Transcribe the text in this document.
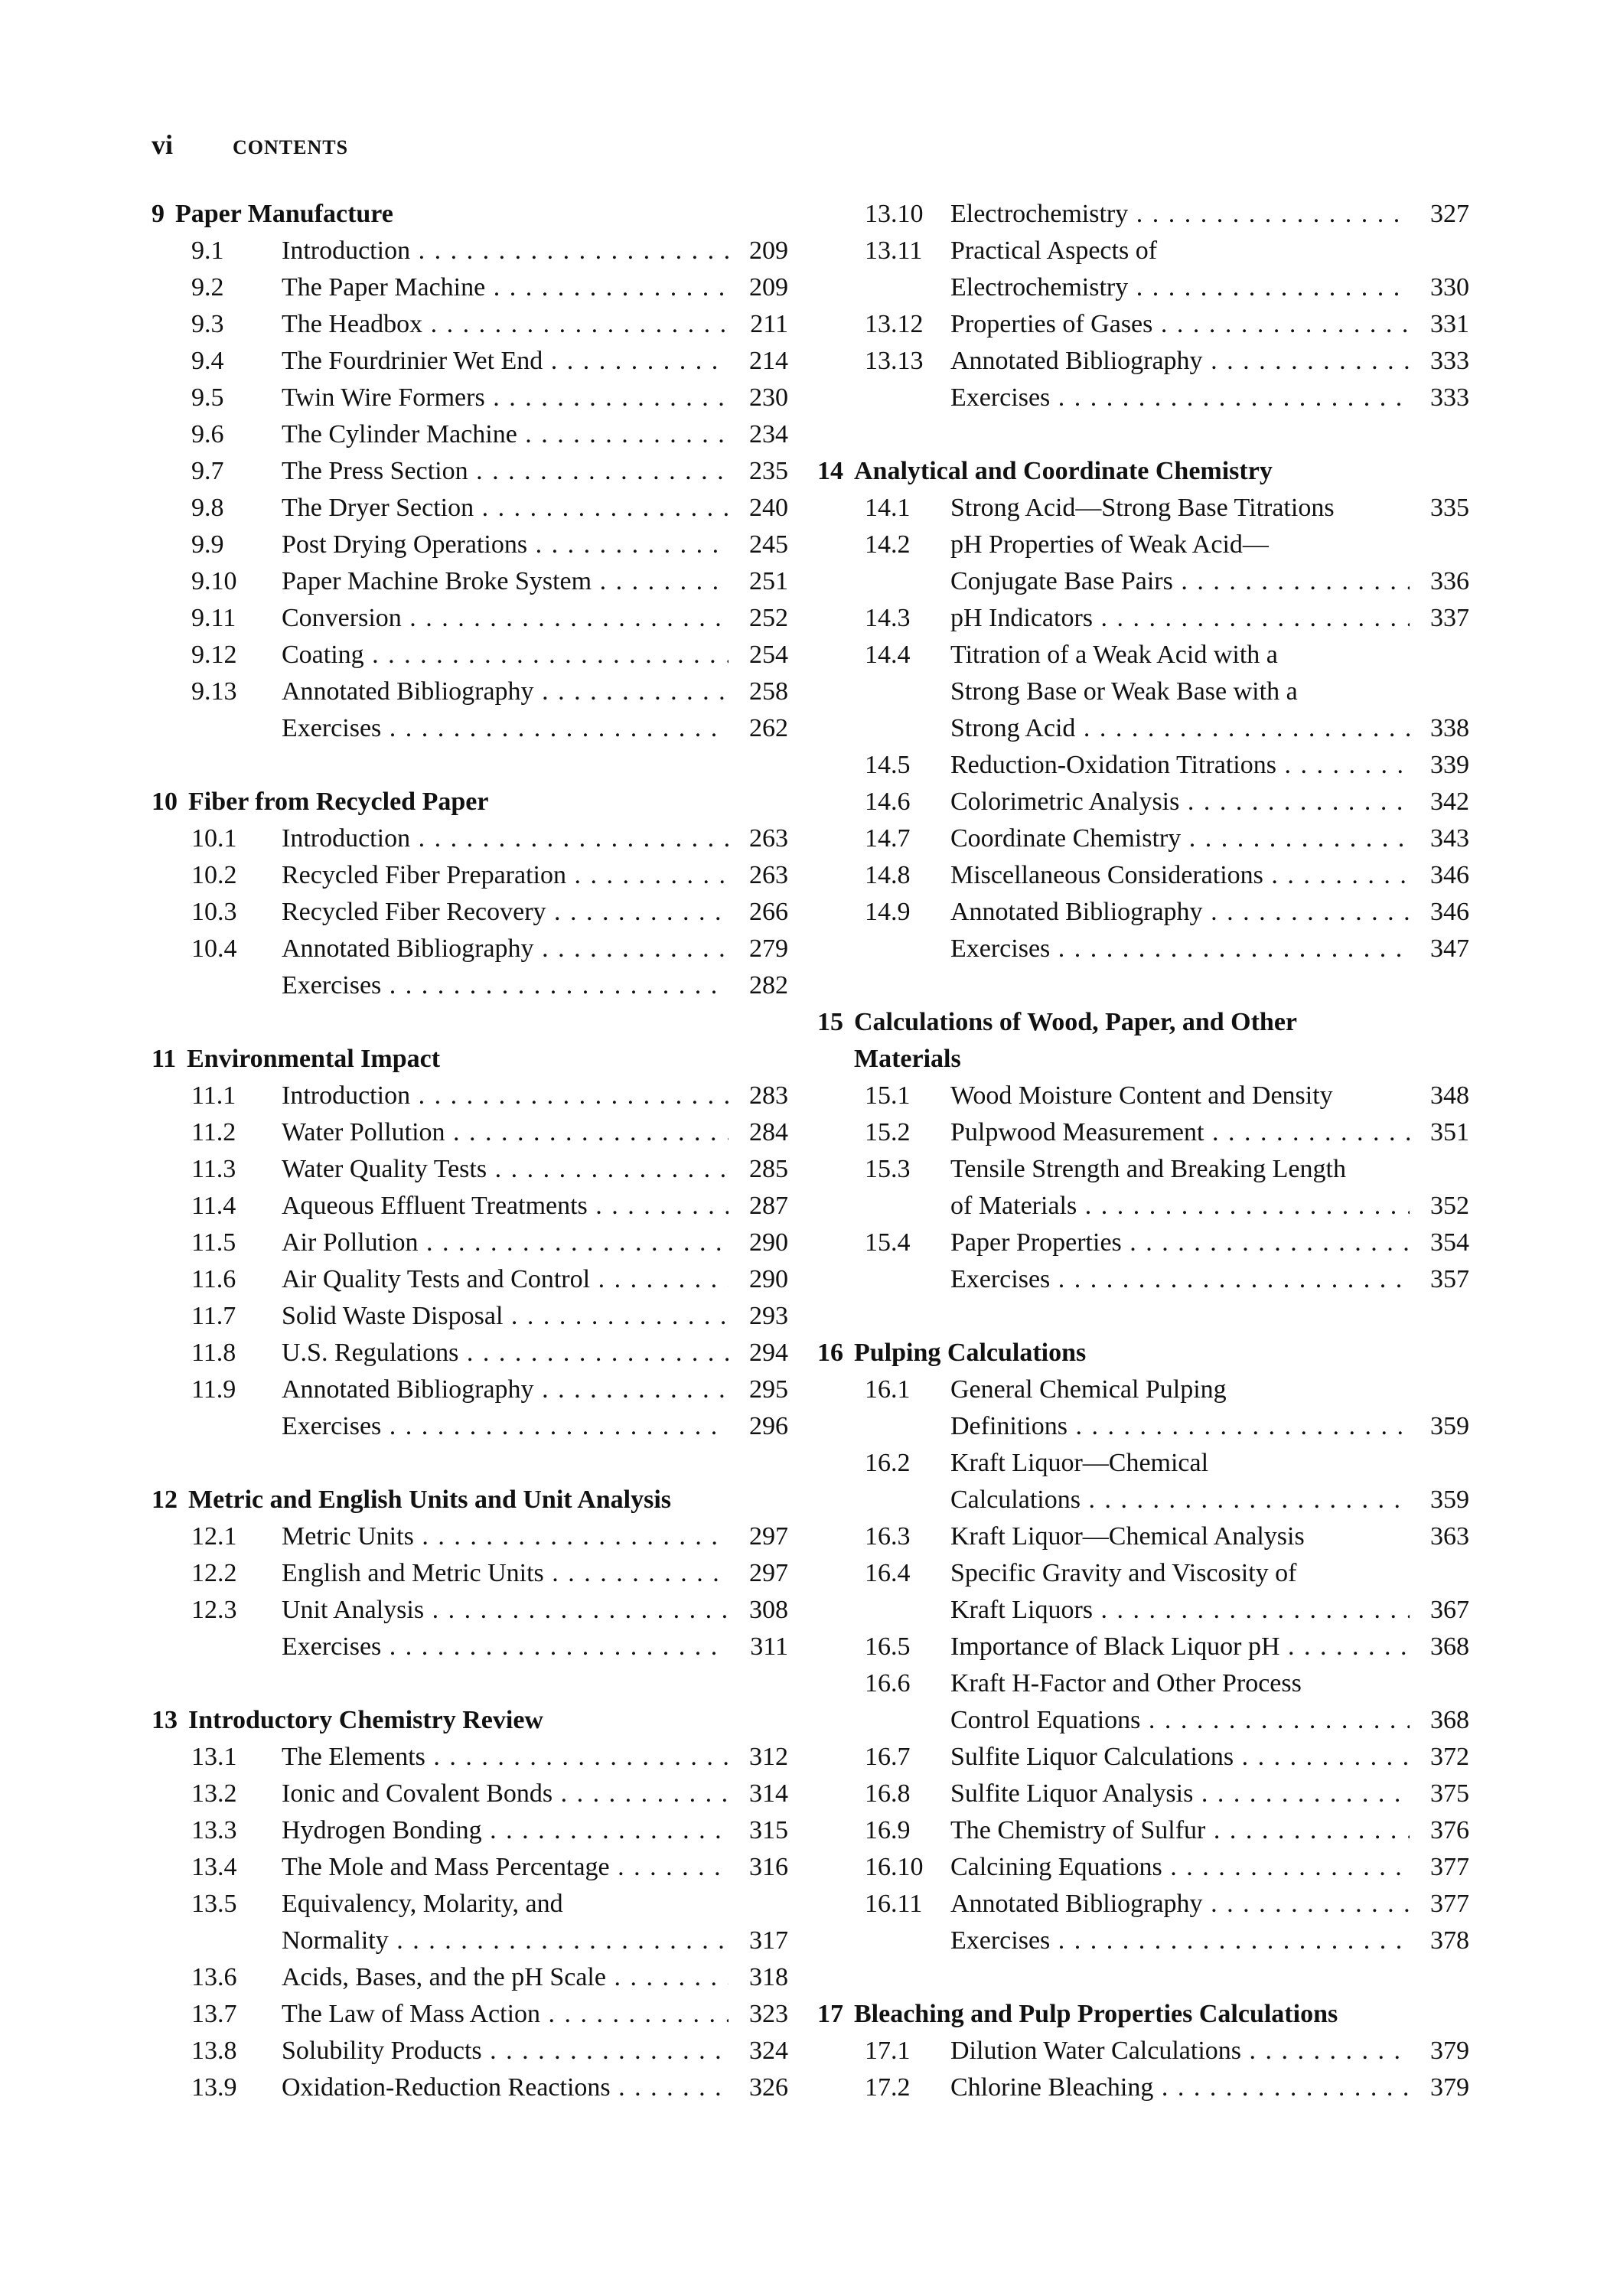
vi	CONTENTS
9 Paper Manufacture
9.1	Introduction . . .	209
9.2	The Paper Machine . . .	209
9.3	The Headbox . . .	211
9.4	The Fourdrinier Wet End . . .	214
9.5	Twin Wire Formers . . .	230
9.6	The Cylinder Machine . . .	234
9.7	The Press Section . . .	235
9.8	The Dryer Section . . .	240
9.9	Post Drying Operations . . .	245
9.10	Paper Machine Broke System . . .	251
9.11	Conversion . . .	252
9.12	Coating . . .	254
9.13	Annotated Bibliography . . .	258
Exercises . . .	262
10 Fiber from Recycled Paper
10.1	Introduction . . .	263
10.2	Recycled Fiber Preparation . . .	263
10.3	Recycled Fiber Recovery . . .	266
10.4	Annotated Bibliography . . .	279
Exercises . . .	282
11 Environmental Impact
11.1	Introduction . . .	283
11.2	Water Pollution . . .	284
11.3	Water Quality Tests . . .	285
11.4	Aqueous Effluent Treatments . . .	287
11.5	Air Pollution . . .	290
11.6	Air Quality Tests and Control . . .	290
11.7	Solid Waste Disposal . . .	293
11.8	U.S. Regulations . . .	294
11.9	Annotated Bibliography . . .	295
Exercises . . .	296
12 Metric and English Units and Unit Analysis
12.1	Metric Units . . .	297
12.2	English and Metric Units . . .	297
12.3	Unit Analysis . . .	308
Exercises . . .	311
13 Introductory Chemistry Review
13.1	The Elements . . .	312
13.2	Ionic and Covalent Bonds . . .	314
13.3	Hydrogen Bonding . . .	315
13.4	The Mole and Mass Percentage . . .	316
13.5	Equivalency, Molarity, and
Normality . . .	317
13.6	Acids, Bases, and the pH Scale . . .	318
13.7	The Law of Mass Action . . .	323
13.8	Solubility Products . . .	324
13.9	Oxidation-Reduction Reactions . . .	326
13.10	Electrochemistry . . .	327
13.11	Practical Aspects of
Electrochemistry . . .	330
13.12	Properties of Gases . . .	331
13.13	Annotated Bibliography . . .	333
Exercises . . .	333
14 Analytical and Coordinate Chemistry
14.1	Strong Acid—Strong Base Titrations	335
14.2	pH Properties of Weak Acid—
Conjugate Base Pairs . . .	336
14.3	pH Indicators . . .	337
14.4	Titration of a Weak Acid with a
Strong Base or Weak Base with a
Strong Acid . . .	338
14.5	Reduction-Oxidation Titrations . . .	339
14.6	Colorimetric Analysis . . .	342
14.7	Coordinate Chemistry . . .	343
14.8	Miscellaneous Considerations . . .	346
14.9	Annotated Bibliography . . .	346
Exercises . . .	347
15 Calculations of Wood, Paper, and Other
Materials
15.1	Wood Moisture Content and Density	348
15.2	Pulpwood Measurement . . .	351
15.3	Tensile Strength and Breaking Length
of Materials . . .	352
15.4	Paper Properties . . .	354
Exercises . . .	357
16 Pulping Calculations
16.1	General Chemical Pulping
Definitions . . .	359
16.2	Kraft Liquor—Chemical
Calculations . . .	359
16.3	Kraft Liquor—Chemical Analysis	363
16.4	Specific Gravity and Viscosity of
Kraft Liquors . . .	367
16.5	Importance of Black Liquor pH . . .	368
16.6	Kraft H-Factor and Other Process
Control Equations . . .	368
16.7	Sulfite Liquor Calculations . . .	372
16.8	Sulfite Liquor Analysis . . .	375
16.9	The Chemistry of Sulfur . . .	376
16.10	Calcining Equations . . .	377
16.11	Annotated Bibliography . . .	377
Exercises . . .	378
17 Bleaching and Pulp Properties Calculations
17.1	Dilution Water Calculations . . .	379
17.2	Chlorine Bleaching . . .	379
